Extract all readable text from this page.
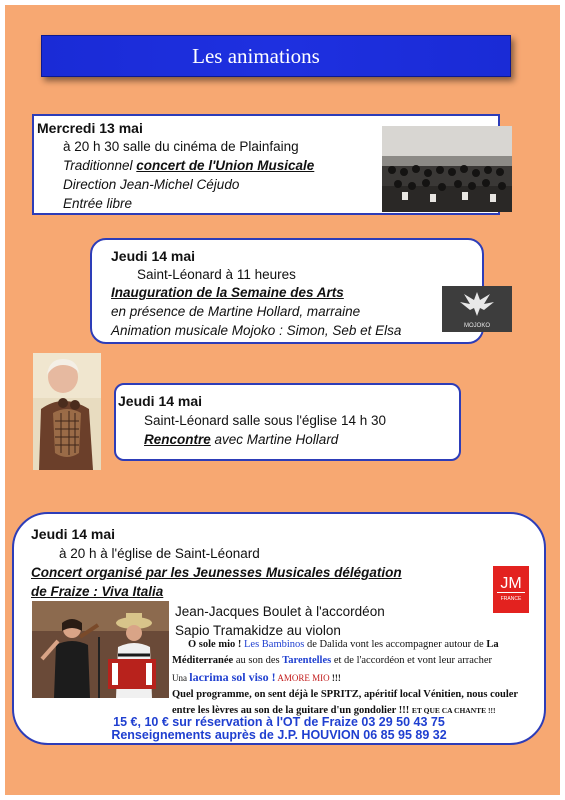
Les animations
Mercredi 13 mai
à 20 h 30 salle du cinéma de Plainfaing
Traditionnel concert de l'Union Musicale
Direction Jean-Michel Céjudo
Entrée libre
Jeudi 14 mai
Saint-Léonard à 11 heures
Inauguration de la Semaine des Arts
en présence de Martine Hollard, marraine
Animation musicale Mojoko : Simon, Seb et Elsa	MOJOKO
Jeudi 14 mai
Saint-Léonard salle sous l'église 14 h 30
Rencontre avec Martine Hollard
Jeudi 14 mai
à 20 h à l'église de Saint-Léonard
Concert organisé par les Jeunesses Musicales délégation
de Fraize : Viva Italia
Jean-Jacques Boulet à l'accordéon
Sapio Tramakidze au violon
O sole mio ! Les Bambinos de Dalida vont les accompagner autour de La Méditerranée au son des Tarentelles et de l'accordéon et vont leur arracher
Una lacrima sol viso ! AMORE MIO !!!
Quel programme, on sent déjà le SPRITZ, apéritif local Vénitien, nous couler entre les lèvres au son de la guitare d'un gondolier !!! ET QUE CA CHANTE !!!
15 €, 10 € sur réservation à l'OT de Fraize 03 29 50 43 75
Renseignements auprès de J.P. HOUVION 06 85 95 89 32
JM
FRANCE
